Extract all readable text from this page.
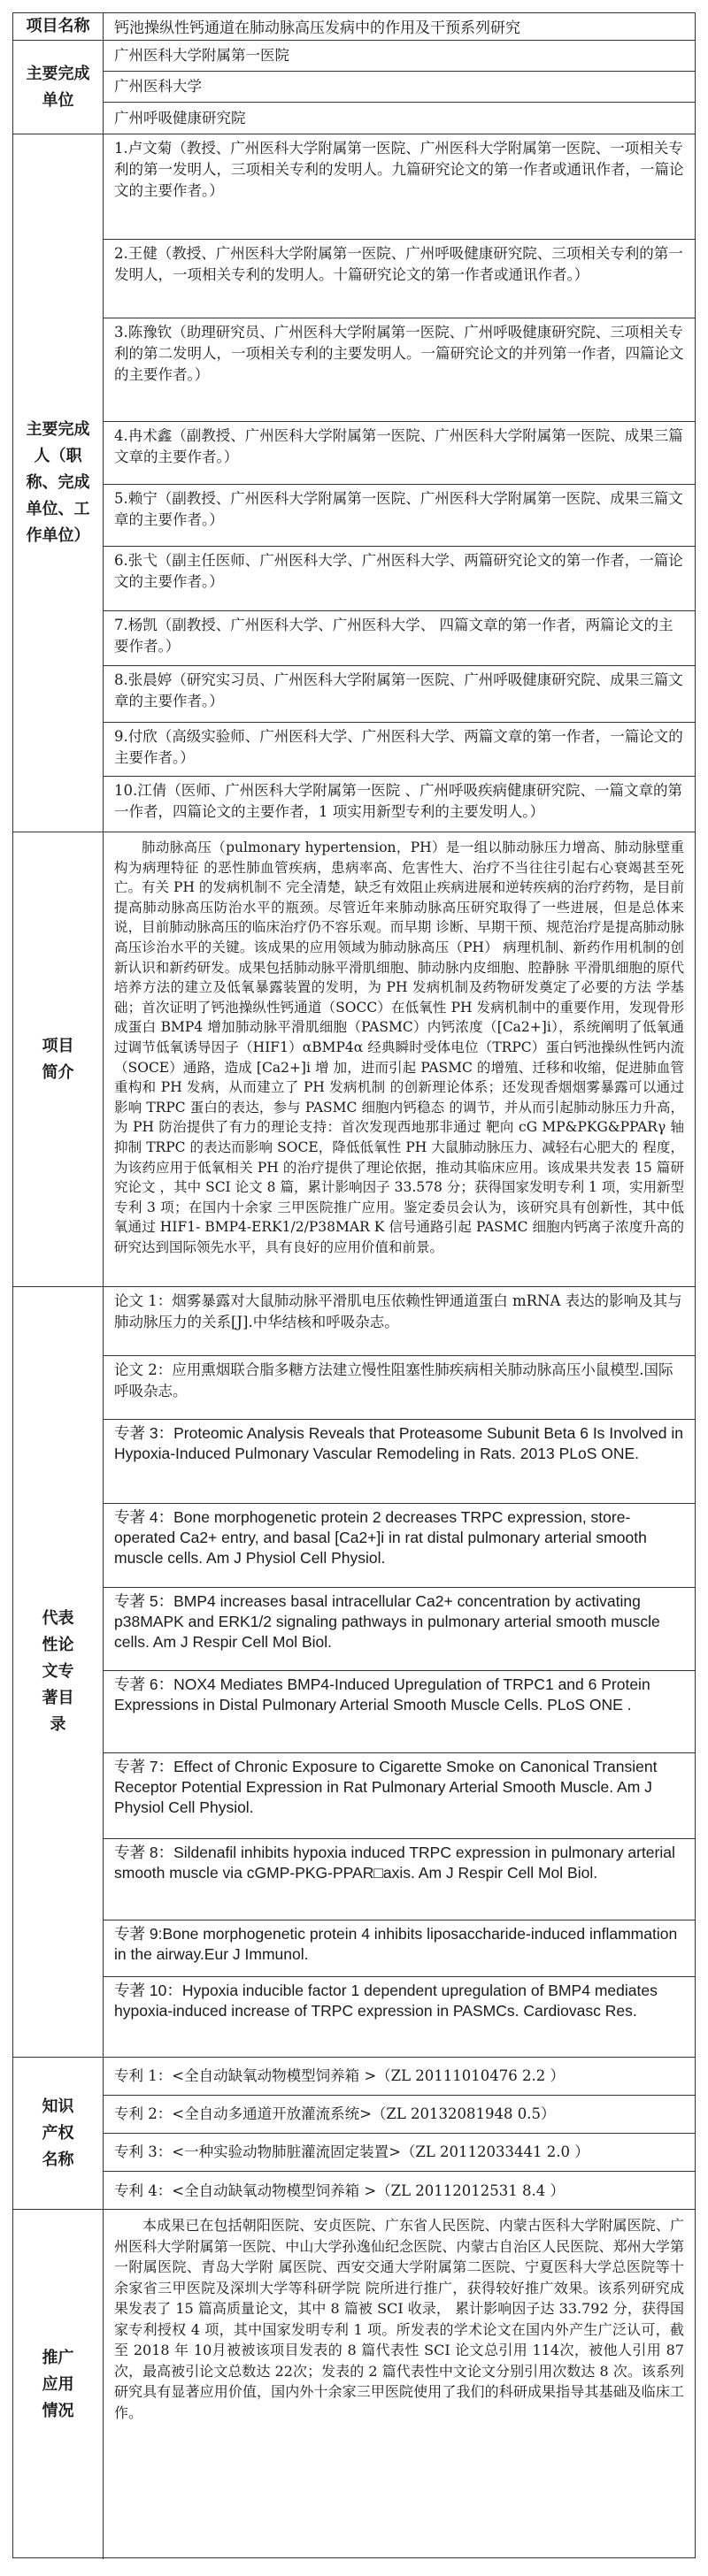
项目名称	钙池操纵性钙通道在肺动脉高压发病中的作用及干预系列研究
主要完成单位
广州医科大学附属第一医院
广州医科大学
广州呼吸健康研究院
主要完成人（职称、完成单位、工作单位）
1.卢文菊（教授、广州医科大学附属第一医院、广州医科大学附属第一医院、一项相关专利的第一发明人，三项相关专利的发明人。九篇研究论文的第一作者或通讯作者，一篇论文的主要作者。）
2.王健（教授、广州医科大学附属第一医院、广州呼吸健康研究院、三项相关专利的第一发明人，一项相关专利的发明人。十篇研究论文的第一作者或通讯作者。）
3.陈豫钦（助理研究员、广州医科大学附属第一医院、广州呼吸健康研究院、三项相关专利的第二发明人，一项相关专利的主要发明人。一篇研究论文的并列第一作者，四篇论文的主要作者。）
4.冉术鑫（副教授、广州医科大学附属第一医院、广州医科大学附属第一医院、成果三篇文章的主要作者。）
5.赖宁（副教授、广州医科大学附属第一医院、广州医科大学附属第一医院、成果三篇文章的主要作者。）
6.张弋（副主任医师、广州医科大学、广州医科大学、两篇研究论文的第一作者，一篇论文的主要作者。）
7.杨凯（副教授、广州医科大学、广州医科大学、 四篇文章的第一作者，两篇论文的主要作者。）
8.张晨婷（研究实习员、广州医科大学附属第一医院、广州呼吸健康研究院、成果三篇文章的主要作者。）
9.付欣（高级实验师、广州医科大学、广州医科大学、两篇文章的第一作者，一篇论文的主要作者。）
10.江倩（医师、广州医科大学附属第一医院 、广州呼吸疾病健康研究院、一篇文章的第一作者，四篇论文的主要作者，1 项实用新型专利的主要发明人。）
项目简介
肺动脉高压（pulmonary hypertension，PH）是一组以肺动脉压力增高、肺动脉壁重构为病理特征 的恶性肺血管疾病，患病率高、危害性大、治疗不当往往引起右心衰竭甚至死亡。有关 PH 的发病机制不 完全清楚，缺乏有效阻止疾病进展和逆转疾病的治疗药物，是目前提高肺动脉高压防治水平的瓶颈。尽管近年来肺动脉高压研究取得了一些进展，但是总体来说，目前肺动脉高压的临床治疗仍不容乐观。而早期 诊断、早期干预、规范治疗是提高肺动脉高压诊治水平的关键。该成果的应用领域为肺动脉高压（PH） 病理机制、新药作用机制的创新认识和新药研发。成果包括肺动脉平滑肌细胞、肺动脉内皮细胞、腔静脉 平滑肌细胞的原代培养方法的建立及低氧暴露装置的发明，为 PH 发病机制及药物研发奠定了必要的方法 学基础；首次证明了钙池操纵性钙通道（SOCC）在低氧性 PH 发病机制中的重要作用，发现骨形成蛋白 BMP4 增加肺动脉平滑肌细胞（PASMC）内钙浓度（[Ca2+]i），系统阐明了低氧通过调节低氧诱导因子（HIF1）αBMP4α 经典瞬时受体电位（TRPC）蛋白钙池操纵性钙内流（SOCE）通路，造成 [Ca2+]i 增 加，进而引起 PASMC 的增殖、迁移和收缩，促进肺血管重构和 PH 发病，从而建立了 PH 发病机制 的创新理论体系；还发现香烟烟雾暴露可以通过影响 TRPC 蛋白的表达，参与 PASMC 细胞内钙稳态 的调节，并从而引起肺动脉压力升高，为 PH 防治提供了有力的理论支持：首次发现西地那非通过 靶向 cG MP&PKG&PPARγ 轴抑制 TRPC 的表达而影响 SOCE，降低低氧性 PH 大鼠肺动脉压力、减轻右心肥大的 程度，为该药应用于低氧相关 PH 的治疗提供了理论依据，推动其临床应用。该成果共发表 15 篇研究论文 ，其中 SCI 论文 8 篇，累计影响因子 33.578 分；获得国家发明专利 1 项，实用新型专利 3 项；在国内十余家 三甲医院推广应用。鉴定委员会认为，该研究具有创新性，其中低氧通过 HIF1- BMP4-ERK1/2/P38MAR K 信号通路引起 PASMC 细胞内钙离子浓度升高的研究达到国际领先水平，具有良好的应用价值和前景。
代表性论文专著目录
论文 1：烟雾暴露对大鼠肺动脉平滑肌电压依赖性钾通道蛋白 mRNA 表达的影响及其与肺动脉压力的关系[J].中华结核和呼吸杂志。
论文 2：应用熏烟联合脂多糖方法建立慢性阻塞性肺疾病相关肺动脉高压小鼠模型.国际呼吸杂志。
专著 3：Proteomic Analysis Reveals that Proteasome Subunit Beta 6 Is Involved in Hypoxia-Induced Pulmonary Vascular Remodeling in Rats. 2013 PLoS ONE.
专著 4：Bone morphogenetic protein 2 decreases TRPC expression, store-operated Ca2+ entry, and basal [Ca2+]i in rat distal pulmonary arterial smooth muscle cells. Am J Physiol Cell Physiol.
专著 5：BMP4 increases basal intracellular Ca2+ concentration by activating p38MAPK and ERK1/2 signaling pathways in pulmonary arterial smooth muscle cells. Am J Respir Cell Mol Biol.
专著 6：NOX4 Mediates BMP4-Induced Upregulation of TRPC1 and 6 Protein Expressions in Distal Pulmonary Arterial Smooth Muscle Cells. PLoS ONE .
专著 7：Effect of Chronic Exposure to Cigarette Smoke on Canonical Transient Receptor Potential Expression in Rat Pulmonary Arterial Smooth Muscle. Am J Physiol Cell Physiol.
专著 8：Sildenafil inhibits hypoxia induced TRPC expression in pulmonary arterial smooth muscle via cGMP-PKG-PPAR□axis. Am J Respir Cell Mol Biol.
专著 9:Bone morphogenetic protein 4 inhibits liposaccharide-induced inflammation in the airway.Eur J Immunol.
专著 10：Hypoxia inducible factor 1 dependent upregulation of BMP4 mediates hypoxia-induced increase of TRPC expression in PASMCs. Cardiovasc Res.
知识产权名称
专利 1：<全自动缺氧动物模型饲养箱 >（ZL 20111010476 2.2 ）
专利 2：<全自动多通道开放灌流系统>（ZL 20132081948 0.5）
专利 3：<一种实验动物肺脏灌流固定装置>（ZL 20112033441 2.0 ）
专利 4：<全自动缺氧动物模型饲养箱 >（ZL 20112012531 8.4 ）
推广应用情况
本成果已在包括朝阳医院、安贞医院、广东省人民医院、内蒙古医科大学附属医院、广州医科大学附属第一医院、中山大学孙逸仙纪念医院、内蒙古自治区人民医院、郑州大学第一附属医院、青岛大学附 属医院、西安交通大学附属第二医院、宁夏医科大学总医院等十余家省三甲医院及深圳大学等科研学院 院所进行推广，获得较好推广效果。该系列研究成果发表了 15 篇高质量论文，其中 8 篇被 SCI 收录， 累计影响因子达 33.792 分，获得国家专利授权 4 项，其中国家发明专利 1 项。所发表的学术论文在国内外产生广泛认可，截至 2018 年 10月被被该项目发表的 8 篇代表性 SCI 论文总引用 114次，被他人引用 87次，最高被引论文总数达 22次；发表的 2 篇代表性中文论文分别引用次数达 8 次。该系列研究具有显著应用价值，国内外十余家三甲医院使用了我们的科研成果指导其基础及临床工作。
